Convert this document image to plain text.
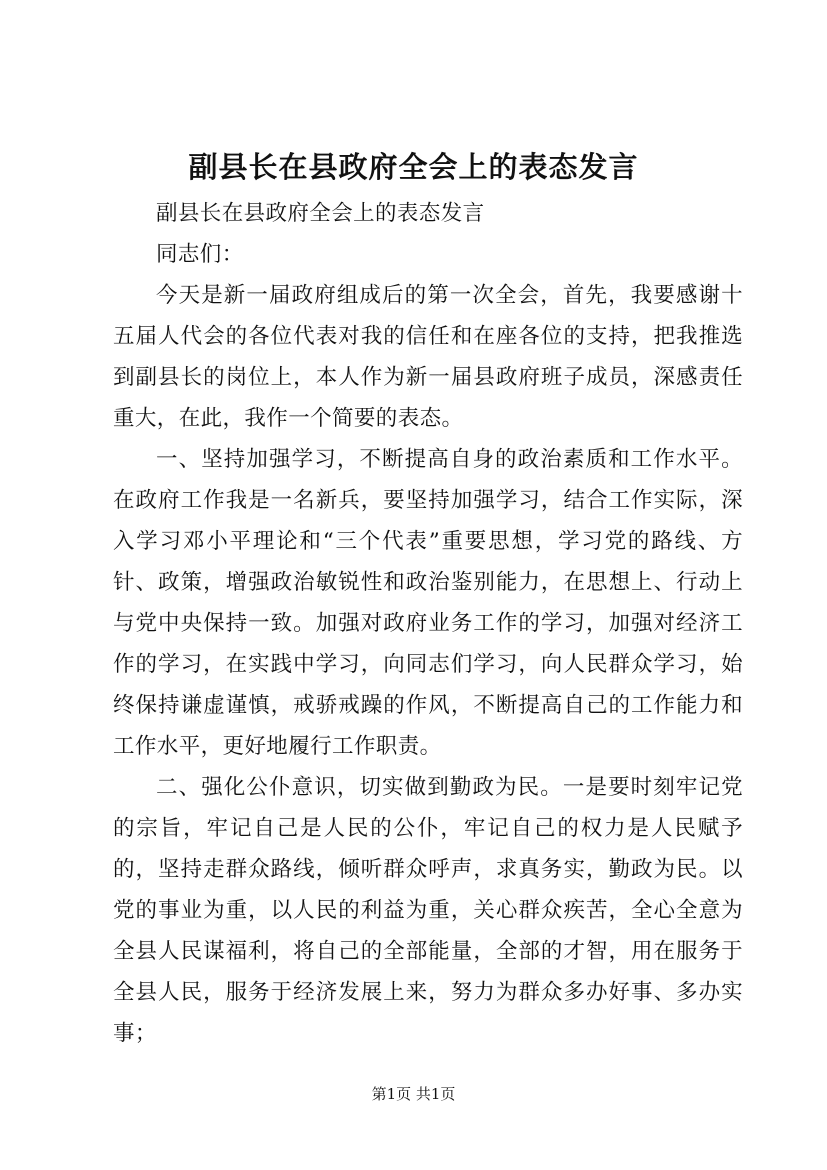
副县长在县政府全会上的表态发言

副县长在县政府全会上的表态发言

同志们：

今天是新一届政府组成后的第一次全会，首先，我要感谢十五届人代会的各位代表对我的信任和在座各位的支持，把我推选到副县长的岗位上，本人作为新一届县政府班子成员，深感责任重大，在此，我作一个简要的表态。

一、坚持加强学习，不断提高自身的政治素质和工作水平。在政府工作我是一名新兵，要坚持加强学习，结合工作实际，深入学习邓小平理论和“三个代表”重要思想，学习党的路线、方针、政策，增强政治敏锐性和政治鉴别能力，在思想上、行动上与党中央保持一致。加强对政府业务工作的学习，加强对经济工作的学习，在实践中学习，向同志们学习，向人民群众学习，始终保持谦虚谨慎，戒骄戒躁的作风，不断提高自己的工作能力和工作水平，更好地履行工作职责。

二、强化公仆意识，切实做到勤政为民。一是要时刻牢记党的宗旨，牢记自己是人民的公仆，牢记自己的权力是人民赋予的，坚持走群众路线，倾听群众呼声，求真务实，勤政为民。以党的事业为重，以人民的利益为重，关心群众疾苦，全心全意为全县人民谋福利，将自己的全部能量，全部的才智，用在服务于全县人民，服务于经济发展上来，努力为群众多办好事、多办实事；

第1页 共1页
